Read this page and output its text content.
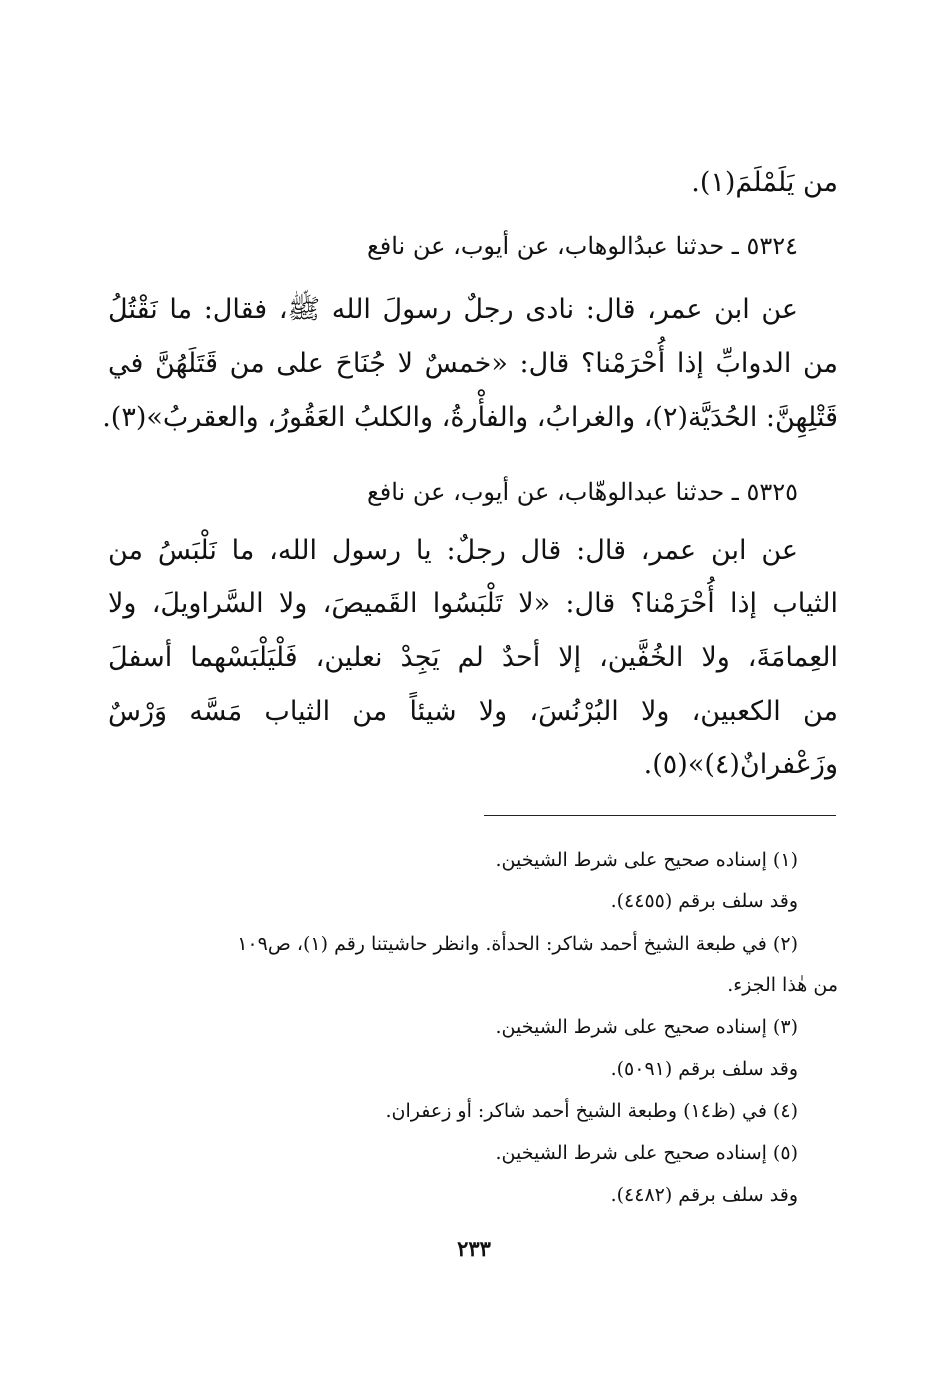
من يَلَمْلَمَ(١).
٥٣٢٤ ـ حدثنا عبدُالوهاب، عن أيوب، عن نافع
عن ابن عمر، قال: نادى رجلٌ رسولَ الله ﷺ، فقال: ما نَقْتُلُ
من الدوابِّ إذا أُحْرَمْنا؟ قال: «خمسٌ لا جُنَاحَ على من قَتَلَهُنَّ في
قَتْلِهِنَّ: الحُدَيَّة(٢)، والغرابُ، والفأْرةُ، والكلبُ العَقُورُ، والعقربُ»(٣).
٥٣٢٥ ـ حدثنا عبدالوهّاب، عن أيوب، عن نافع
عن ابن عمر، قال: قال رجلٌ: يا رسول الله، ما نَلْبَسُ من
الثياب إذا أُحْرَمْنا؟ قال: «لا تَلْبَسُوا القَميصَ، ولا السَّراويلَ، ولا
العِمامَةَ، ولا الخُفَّين، إلا أحدٌ لم يَجِدْ نعلين، فَلْيَلْبَسْهما أسفلَ
من الكعبين، ولا البُرْنُسَ، ولا شيئاً من الثياب مَسَّه وَرْسٌ
وزَعْفرانٌ(٤)»(٥).
(١) إسناده صحيح على شرط الشيخين.
وقد سلف برقم (٤٤٥٥).
(٢) في طبعة الشيخ أحمد شاكر: الحدأة. وانظر حاشيتنا رقم (١)، ص١٠٩
من هٰذا الجزء.
(٣) إسناده صحيح على شرط الشيخين.
وقد سلف برقم (٥٠٩١).
(٤) في (ظ١٤) وطبعة الشيخ أحمد شاكر: أو زعفران.
(٥) إسناده صحيح على شرط الشيخين.
وقد سلف برقم (٤٤٨٢).
٢٣٣
